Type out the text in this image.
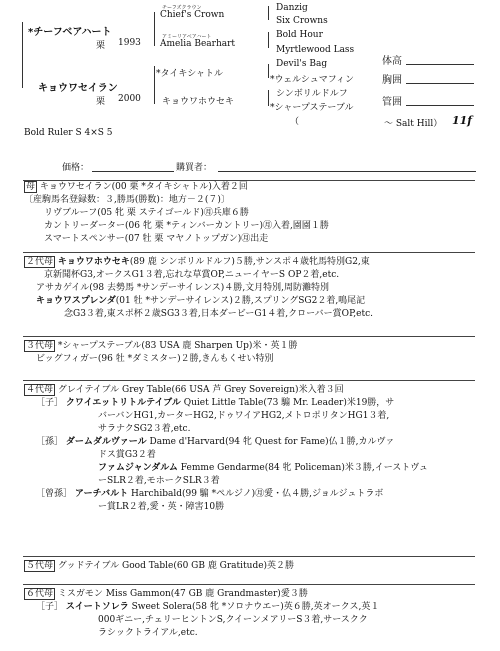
*チーフベアハート
栗 1993
キョウワセイラン
栗 2000
チーフズクラウン
Chief's Crown
アミーリアベアハート
Amelia Bearhart
*タイキシャトル
キョウワホウセキ
Danzig
Six Crowns
Bold Hour
Myrtlewood Lass
Devil's Bag
*ウェルシュマフィン
シンボリルドルフ
*シャープステーブル
（	～ Salt Hill） 11f
体高
胸囲
管囲
Bold Ruler S 4×S 5
価格：	購買者：
母 キョウワセイラン(00 栗 *タイキシャトル)入着２回
〔産駒馬名登録数：３,勝馬(勝数)：地方－２(７)〕
リヴブルーフ(05 牝 栗 ステイゴールド)㊊兵庫６勝
カントリーダーター(06 牝 栗 *ティンバーカントリー)㊊入着,園園１勝
スマートスペンサー(07 牡 栗 マヤノトップガン)㊊出走
２代母 キョウワホウセキ(89 鹿 シンボリルドルフ)５勝,サンスポ４歳牝馬特別G2,東
京新聞杯G3,オークスG1３着,忘れな草賞OP,ニューイヤーS OP２着,etc.
アサカゲイル(98 去勢馬 *サンデーサイレンス)４勝,文月特別,周防灘特別
キョウワスプレンダ(01 牡 *サンデーサイレンス)２勝,スプリングSG2２着,鳴尾記
念G3３着,東スポ杯２歳SG3３着,日本ダービーG1４着,クローバー賞OP,etc.
３代母 *シャープステーブル(83 USA 鹿 Sharpen Up)米・英１勝
ビッグフィガー(96 牡 *ダミスター)２勝,きんもくせい特別
４代母 グレイテイブル Grey Table(66 USA 芦 Grey Sovereign)米入着３回
［子］ クワイエットリトルテイブル Quiet Little Table(73 騸 Mr. Leader)米19勝，サ
バーバンHG1,カーターHG2,ドゥワイアHG2,メトロポリタンHG1３着,
サラナクSG2３着,etc.
［孫］ ダームダルヴァール Dame d'Harvard(94 牝 Quest for Fame)仏１勝,カルヴァ
ドス賞G3２着
ファムジャンダルム Femme Gendarme(84 牝 Policeman)米３勝,イーストヴュ
ーSLR２着,モホークSLR３着
［曾孫］ アーチバルト Harchibald(99 騸 *ペルジノ)㊊愛・仏４勝,ジョルジュトラボ
ー賞LR２着,愛・英・障害10勝
５代母 グッドテイブル Good Table(60 GB 鹿 Gratitude)英２勝
６代母 ミスガモン Miss Gammon(47 GB 鹿 Grandmaster)愛３勝
［子］ スイートソレラ Sweet Solera(58 牝 *ソロナウエー)英６勝,英オークス,英１
000ギニー,チェリーヒントンS,クイーンメアリーS３着,サースクク
ラシックトライアル,etc.
